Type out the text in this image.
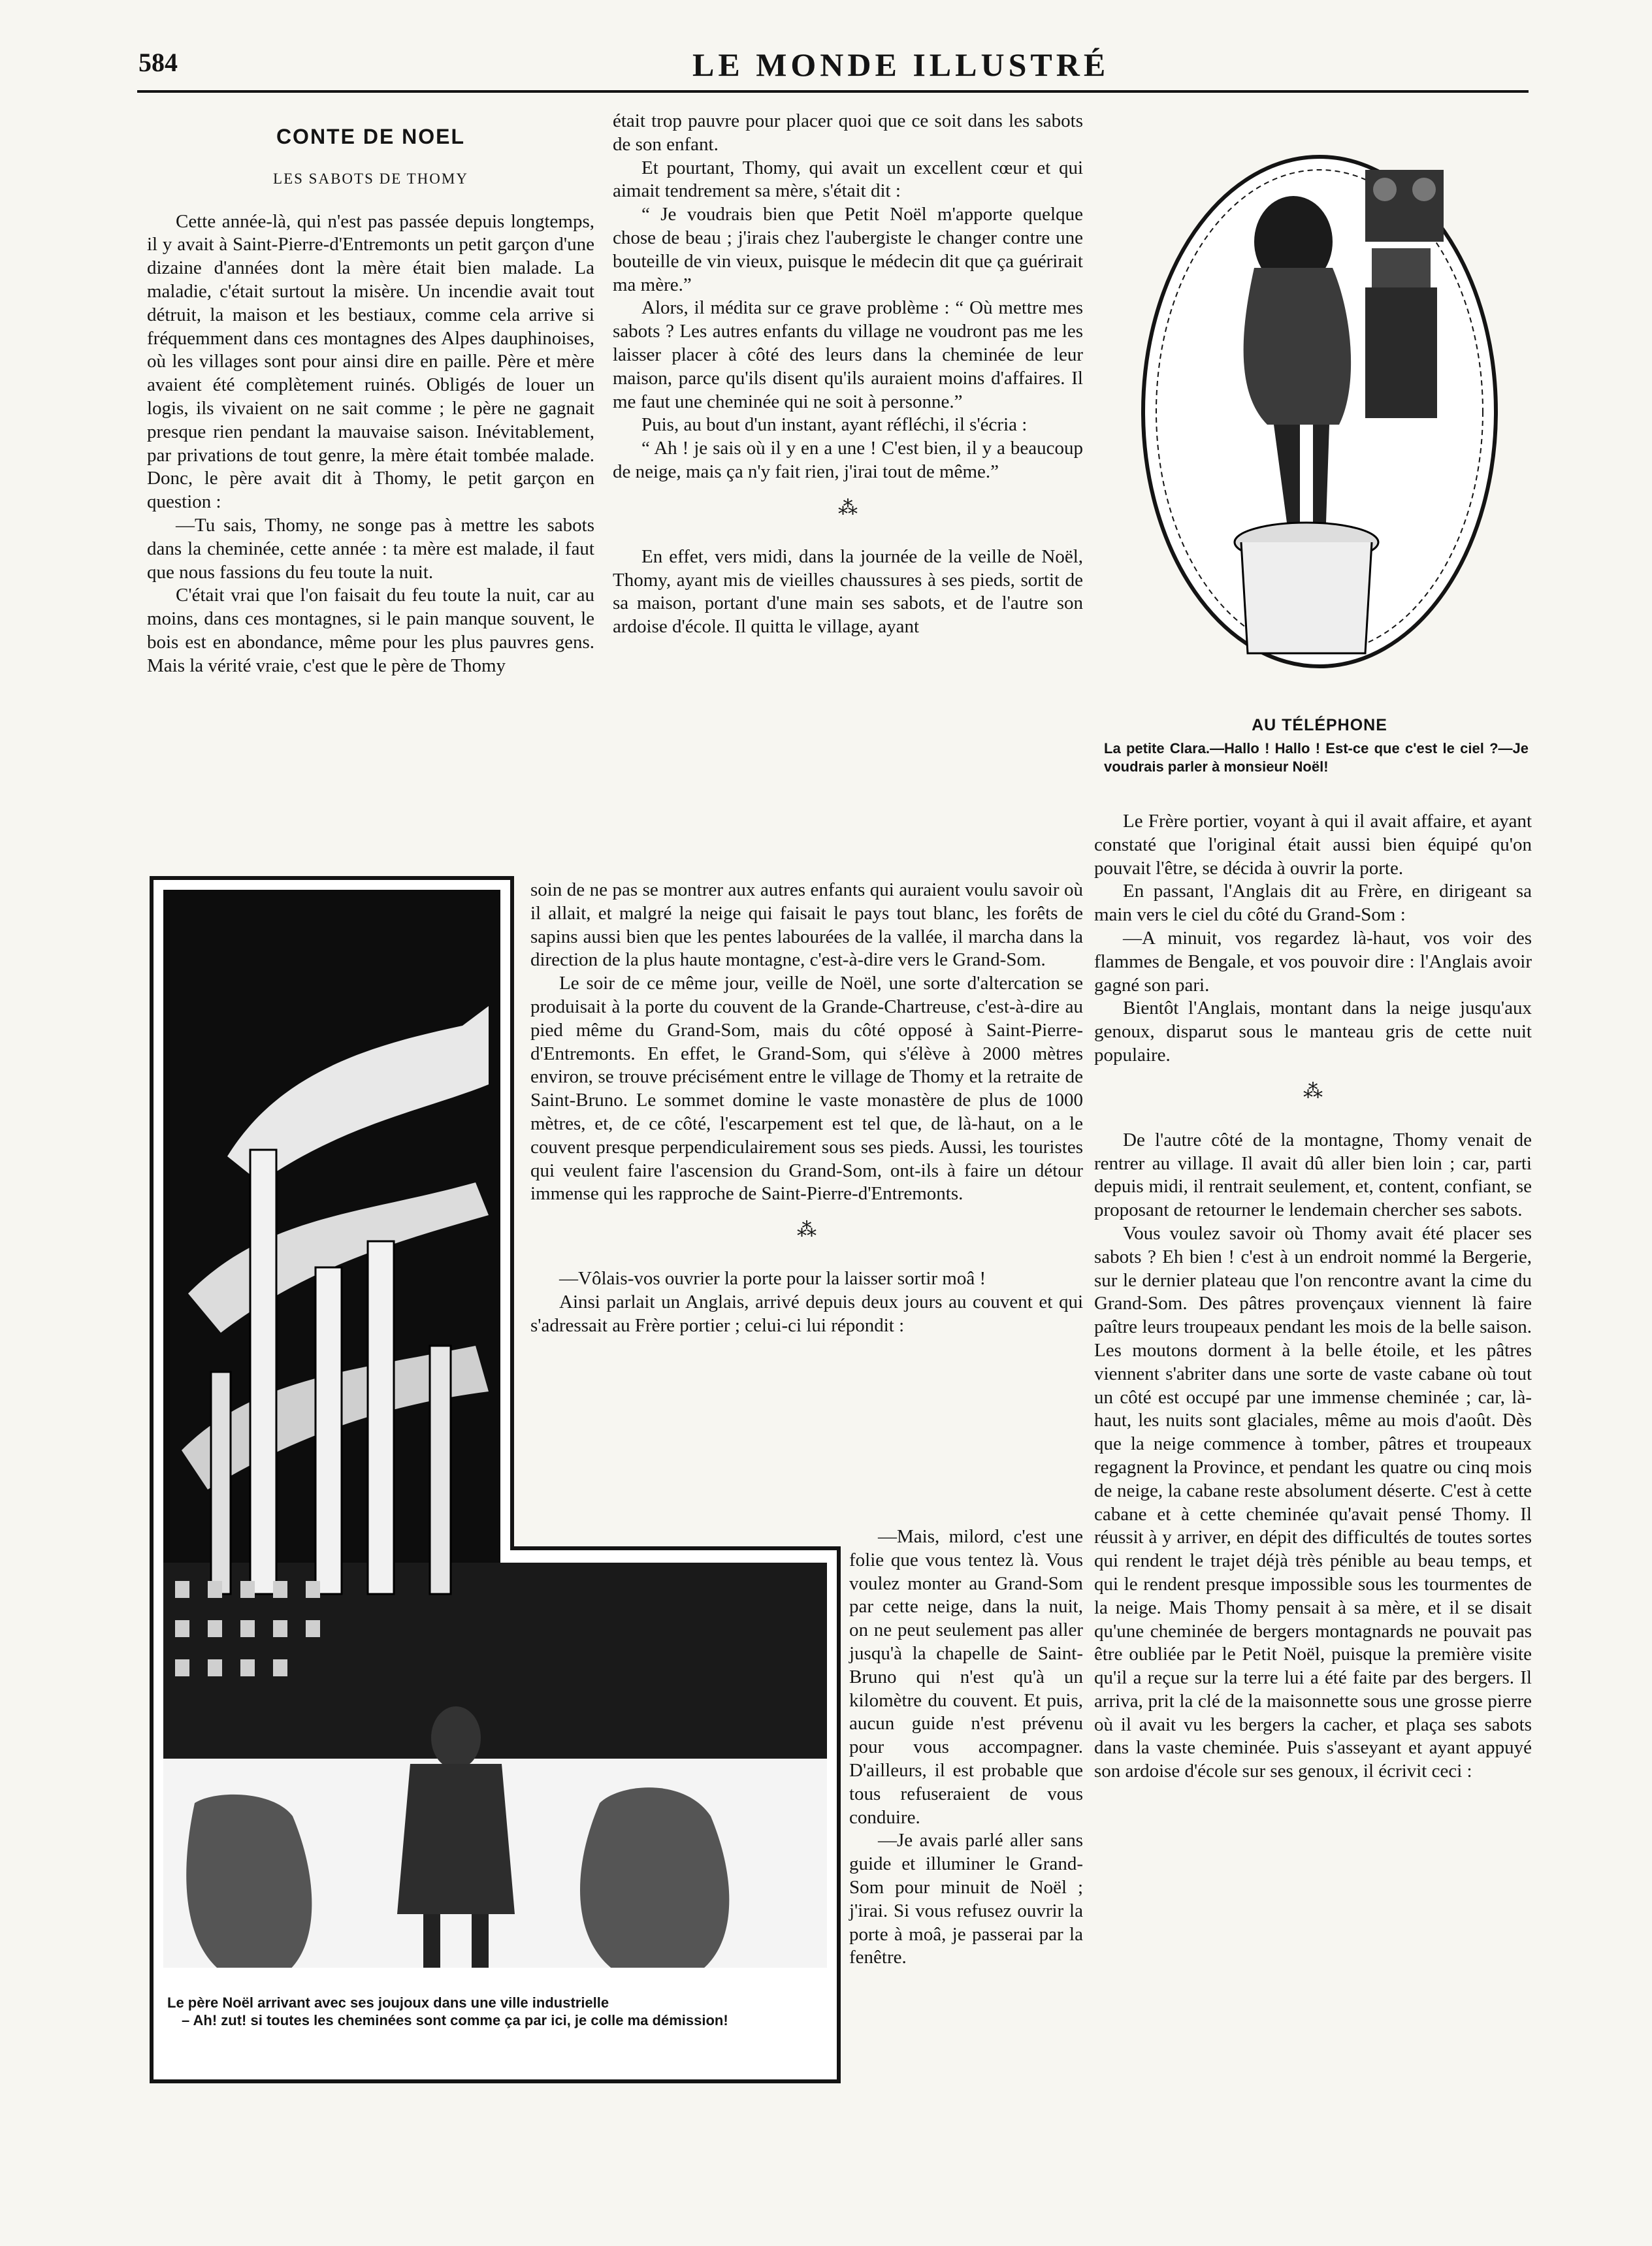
584	LE MONDE ILLUSTRÉ
CONTE DE NOEL
LES SABOTS DE THOMY

Cette année-là, qui n'est pas passée depuis longtemps, il y avait à Saint-Pierre-d'Entremonts un petit garçon d'une dizaine d'années dont la mère était bien malade. La maladie, c'était surtout la misère. Un incendie avait tout détruit, la maison et les bestiaux, comme cela arrive si fréquemment dans ces montagnes des Alpes dauphinoises, où les villages sont pour ainsi dire en paille. Père et mère avaient été complètement ruinés. Obligés de louer un logis, ils vivaient on ne sait comme ; le père ne gagnait presque rien pendant la mauvaise saison. Inévitablement, par privations de tout genre, la mère était tombée malade. Donc, le père avait dit à Thomy, le petit garçon en question :

—Tu sais, Thomy, ne songe pas à mettre les sabots dans la cheminée, cette année : ta mère est malade, il faut que nous fassions du feu toute la nuit.

C'était vrai que l'on faisait du feu toute la nuit, car au moins, dans ces montagnes, si le pain manque souvent, le bois est en abondance, même pour les plus pauvres gens. Mais la vérité vraie, c'est que le père de Thomy

était trop pauvre pour placer quoi que ce soit dans les sabots de son enfant.

Et pourtant, Thomy, qui avait un excellent cœur et qui aimait tendrement sa mère, s'était dit :

“ Je voudrais bien que Petit Noël m'apporte quelque chose de beau ; j'irais chez l'aubergiste le changer contre une bouteille de vin vieux, puisque le médecin dit que ça guérirait ma mère.”

Alors, il médita sur ce grave problème : “ Où mettre mes sabots ? Les autres enfants du village ne voudront pas me les laisser placer à côté des leurs dans la cheminée de leur maison, parce qu'ils disent qu'ils auraient moins d'affaires. Il me faut une cheminée qui ne soit à personne.”

Puis, au bout d'un instant, ayant réfléchi, il s'écria :

“ Ah ! je sais où il y en a une ! C'est bien, il y a beaucoup de neige, mais ça n'y fait rien, j'irai tout de même.”

⁂

En effet, vers midi, dans la journée de la veille de Noël, Thomy, ayant mis de vieilles chaussures à ses pieds, sortit de sa maison, portant d'une main ses sabots, et de l'autre son ardoise d'école. Il quitta le village, ayant

soin de ne pas se montrer aux autres enfants qui auraient voulu savoir où il allait, et malgré la neige qui faisait le pays tout blanc, les forêts de sapins aussi bien que les pentes labourées de la vallée, il marcha dans la direction de la plus haute montagne, c'est-à-dire vers le Grand-Som.

Le soir de ce même jour, veille de Noël, une sorte d'altercation se produisait à la porte du couvent de la Grande-Chartreuse, c'est-à-dire au pied même du Grand-Som, mais du côté opposé à Saint-Pierre-d'Entremonts. En effet, le Grand-Som, qui s'élève à 2000 mètres environ, se trouve précisément entre le village de Thomy et la retraite de Saint-Bruno. Le sommet domine le vaste monastère de plus de 1000 mètres, et, de ce côté, l'escarpement est tel que, de là-haut, on a le couvent presque perpendiculairement sous ses pieds. Aussi, les touristes qui veulent faire l'ascension du Grand-Som, ont-ils à faire un détour immense qui les rapproche de Saint-Pierre-d'Entremonts.

⁂

—Vôlais-vos ouvrier la porte pour la laisser sortir moâ !

Ainsi parlait un Anglais, arrivé depuis deux jours au couvent et qui s'adressait au Frère portier ; celui-ci lui répondit :

—Mais, milord, c'est une folie que vous tentez là. Vous voulez monter au Grand-Som par cette neige, dans la nuit, on ne peut seulement pas aller jusqu'à la chapelle de Saint-Bruno qui n'est qu'à un kilomètre du couvent. Et puis, aucun guide n'est prévenu pour vous accompagner. D'ailleurs, il est probable que tous refuseraient de vous conduire.

—Je avais parlé aller sans guide et illuminer le Grand-Som pour minuit de Noël ; j'irai. Si vous refusez ouvrir la porte à moâ, je passerai par la fenêtre.

Le père Noël arrivant avec ses joujoux dans une ville industrielle
– Ah! zut! si toutes les cheminées sont comme ça par ici, je colle ma démission!
AU TÉLÉPHONE
La petite Clara.—Hallo ! Hallo ! Est-ce que c'est le ciel ?—Je voudrais parler à monsieur Noël!

Le Frère portier, voyant à qui il avait affaire, et ayant constaté que l'original était aussi bien équipé qu'on pouvait l'être, se décida à ouvrir la porte.

En passant, l'Anglais dit au Frère, en dirigeant sa main vers le ciel du côté du Grand-Som :

—A minuit, vos regardez là-haut, vos voir des flammes de Bengale, et vos pouvoir dire : l'Anglais avoir gagné son pari.

Bientôt l'Anglais, montant dans la neige jusqu'aux genoux, disparut sous le manteau gris de cette nuit populaire.

⁂

De l'autre côté de la montagne, Thomy venait de rentrer au village. Il avait dû aller bien loin ; car, parti depuis midi, il rentrait seulement, et, content, confiant, se proposant de retourner le lendemain chercher ses sabots.

Vous voulez savoir où Thomy avait été placer ses sabots ? Eh bien ! c'est à un endroit nommé la Bergerie, sur le dernier plateau que l'on rencontre avant la cime du Grand-Som. Des pâtres provençaux viennent là faire paître leurs troupeaux pendant les mois de la belle saison. Les moutons dorment à la belle étoile, et les pâtres viennent s'abriter dans une sorte de vaste cabane où tout un côté est occupé par une immense cheminée ; car, là-haut, les nuits sont glaciales, même au mois d'août. Dès que la neige commence à tomber, pâtres et troupeaux regagnent la Province, et pendant les quatre ou cinq mois de neige, la cabane reste absolument déserte. C'est à cette cabane et à cette cheminée qu'avait pensé Thomy. Il réussit à y arriver, en dépit des difficultés de toutes sortes qui rendent le trajet déjà très pénible au beau temps, et qui le rendent presque impossible sous les tourmentes de la neige. Mais Thomy pensait à sa mère, et il se disait qu'une cheminée de bergers montagnards ne pouvait pas être oubliée par le Petit Noël, puisque la première visite qu'il a reçue sur la terre lui a été faite par des bergers. Il arriva, prit la clé de la maisonnette sous une grosse pierre où il avait vu les bergers la cacher, et plaça ses sabots dans la vaste cheminée. Puis s'asseyant et ayant appuyé son ardoise d'école sur ses genoux, il écrivit ceci :
